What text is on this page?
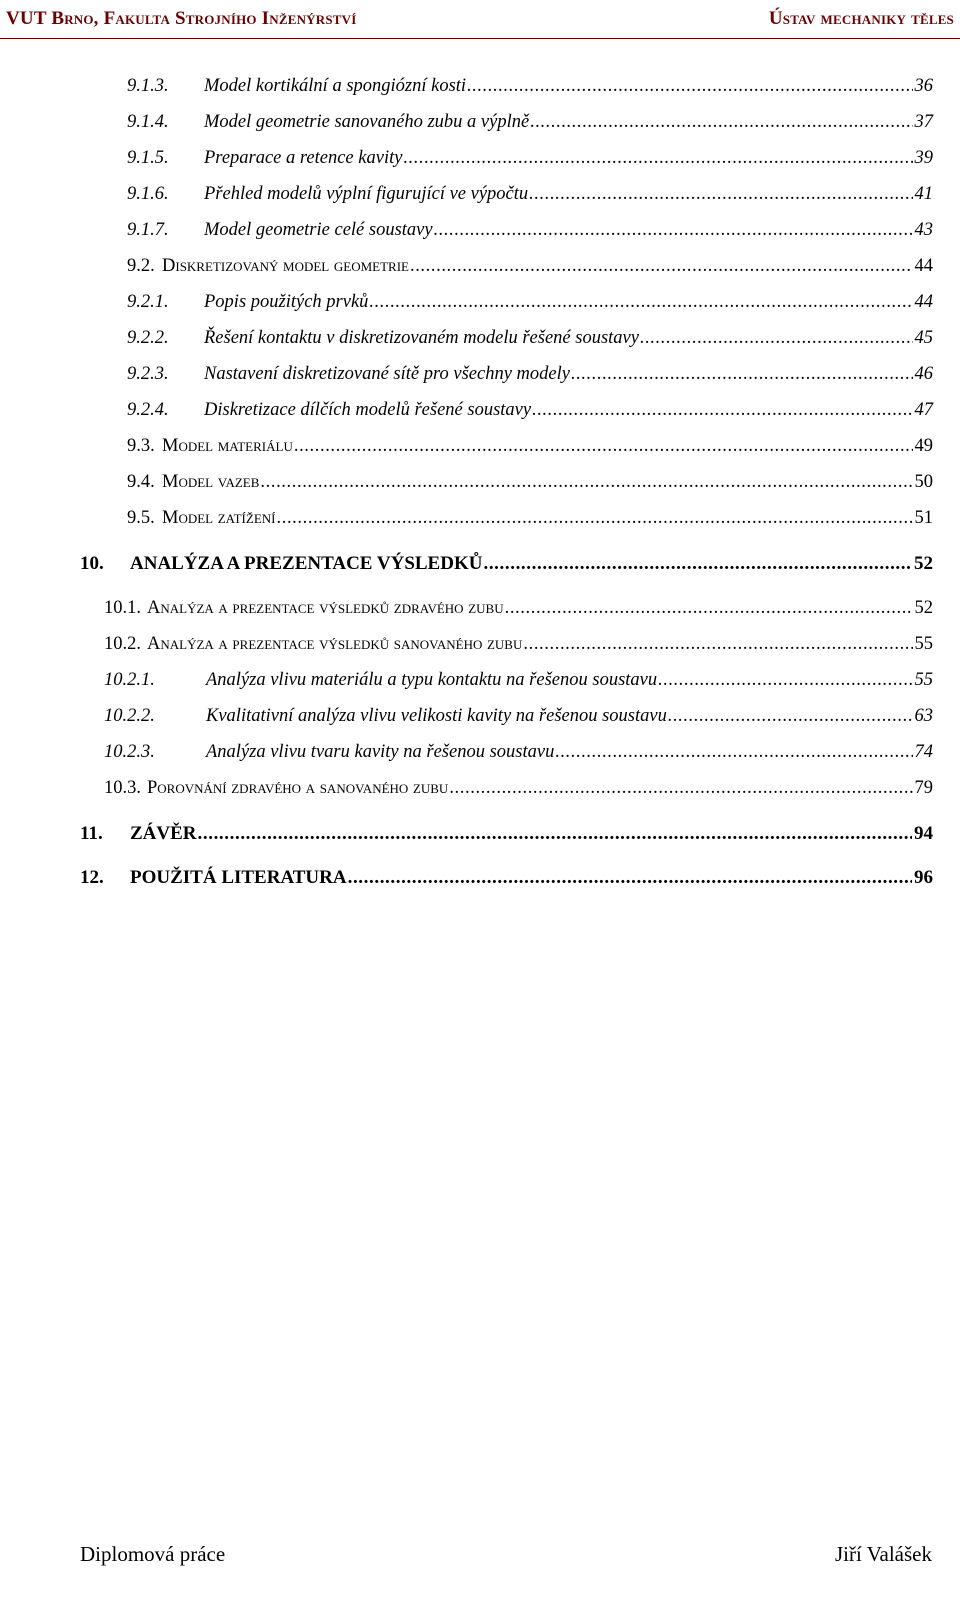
VUT Brno, Fakulta Strojního Inženýrství	Ústav mechaniky těles
9.1.3.	Model kortikální a spongiózní kosti .....	36
9.1.4.	Model geometrie sanovaného zubu a výplně .....	37
9.1.5.	Preparace a retence kavity .....	39
9.1.6.	Přehled modelů výplní figurující ve výpočtu .....	41
9.1.7.	Model geometrie celé soustavy .....	43
9.2. Diskretizovaný model geometrie .....	44
9.2.1.	Popis použitých prvků .....	44
9.2.2.	Řešení kontaktu v diskretizovaném modelu řešené soustavy .....	45
9.2.3.	Nastavení diskretizované sítě pro všechny modely .....	46
9.2.4.	Diskretizace dílčích modelů řešené soustavy .....	47
9.3. Model materiálu .....	49
9.4. Model vazeb .....	50
9.5. Model zatížení .....	51
10.	ANALÝZA A PREZENTACE VÝSLEDKŮ .....	52
10.1. Analýza a prezentace výsledků zdravého zubu .....	52
10.2. Analýza a prezentace výsledků sanovaného zubu .....	55
10.2.1.	Analýza vlivu materiálu a typu kontaktu na řešenou soustavu .....	55
10.2.2.	Kvalitativní analýza vlivu velikosti kavity na řešenou soustavu .....	63
10.2.3.	Analýza vlivu tvaru kavity na řešenou soustavu .....	74
10.3. Porovnání zdravého a sanovaného zubu .....	79
11.	ZÁVĚR .....	94
12.	POUŽITÁ LITERATURA .....	96
Diplomová práce	Jiří Valášek
